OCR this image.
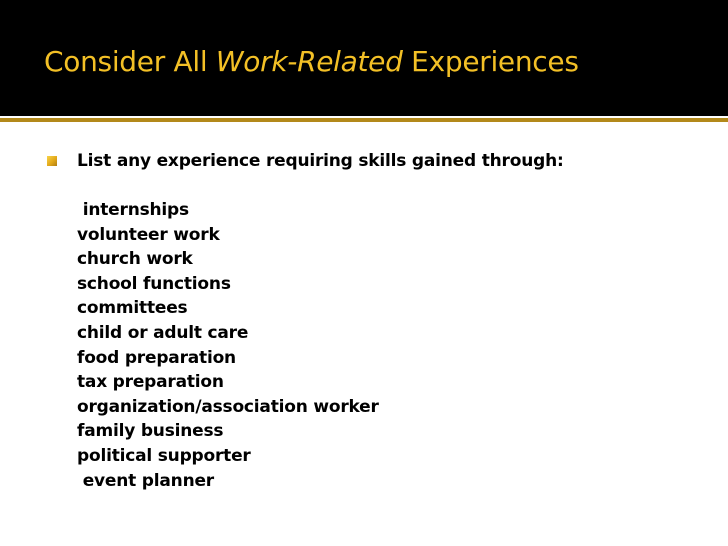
Consider All Work-Related Experiences

List any experience requiring skills gained through:

internships
volunteer work
church work
school functions
committees
child or adult care
food preparation
tax preparation
organization/association worker
family business
political supporter
event planner
